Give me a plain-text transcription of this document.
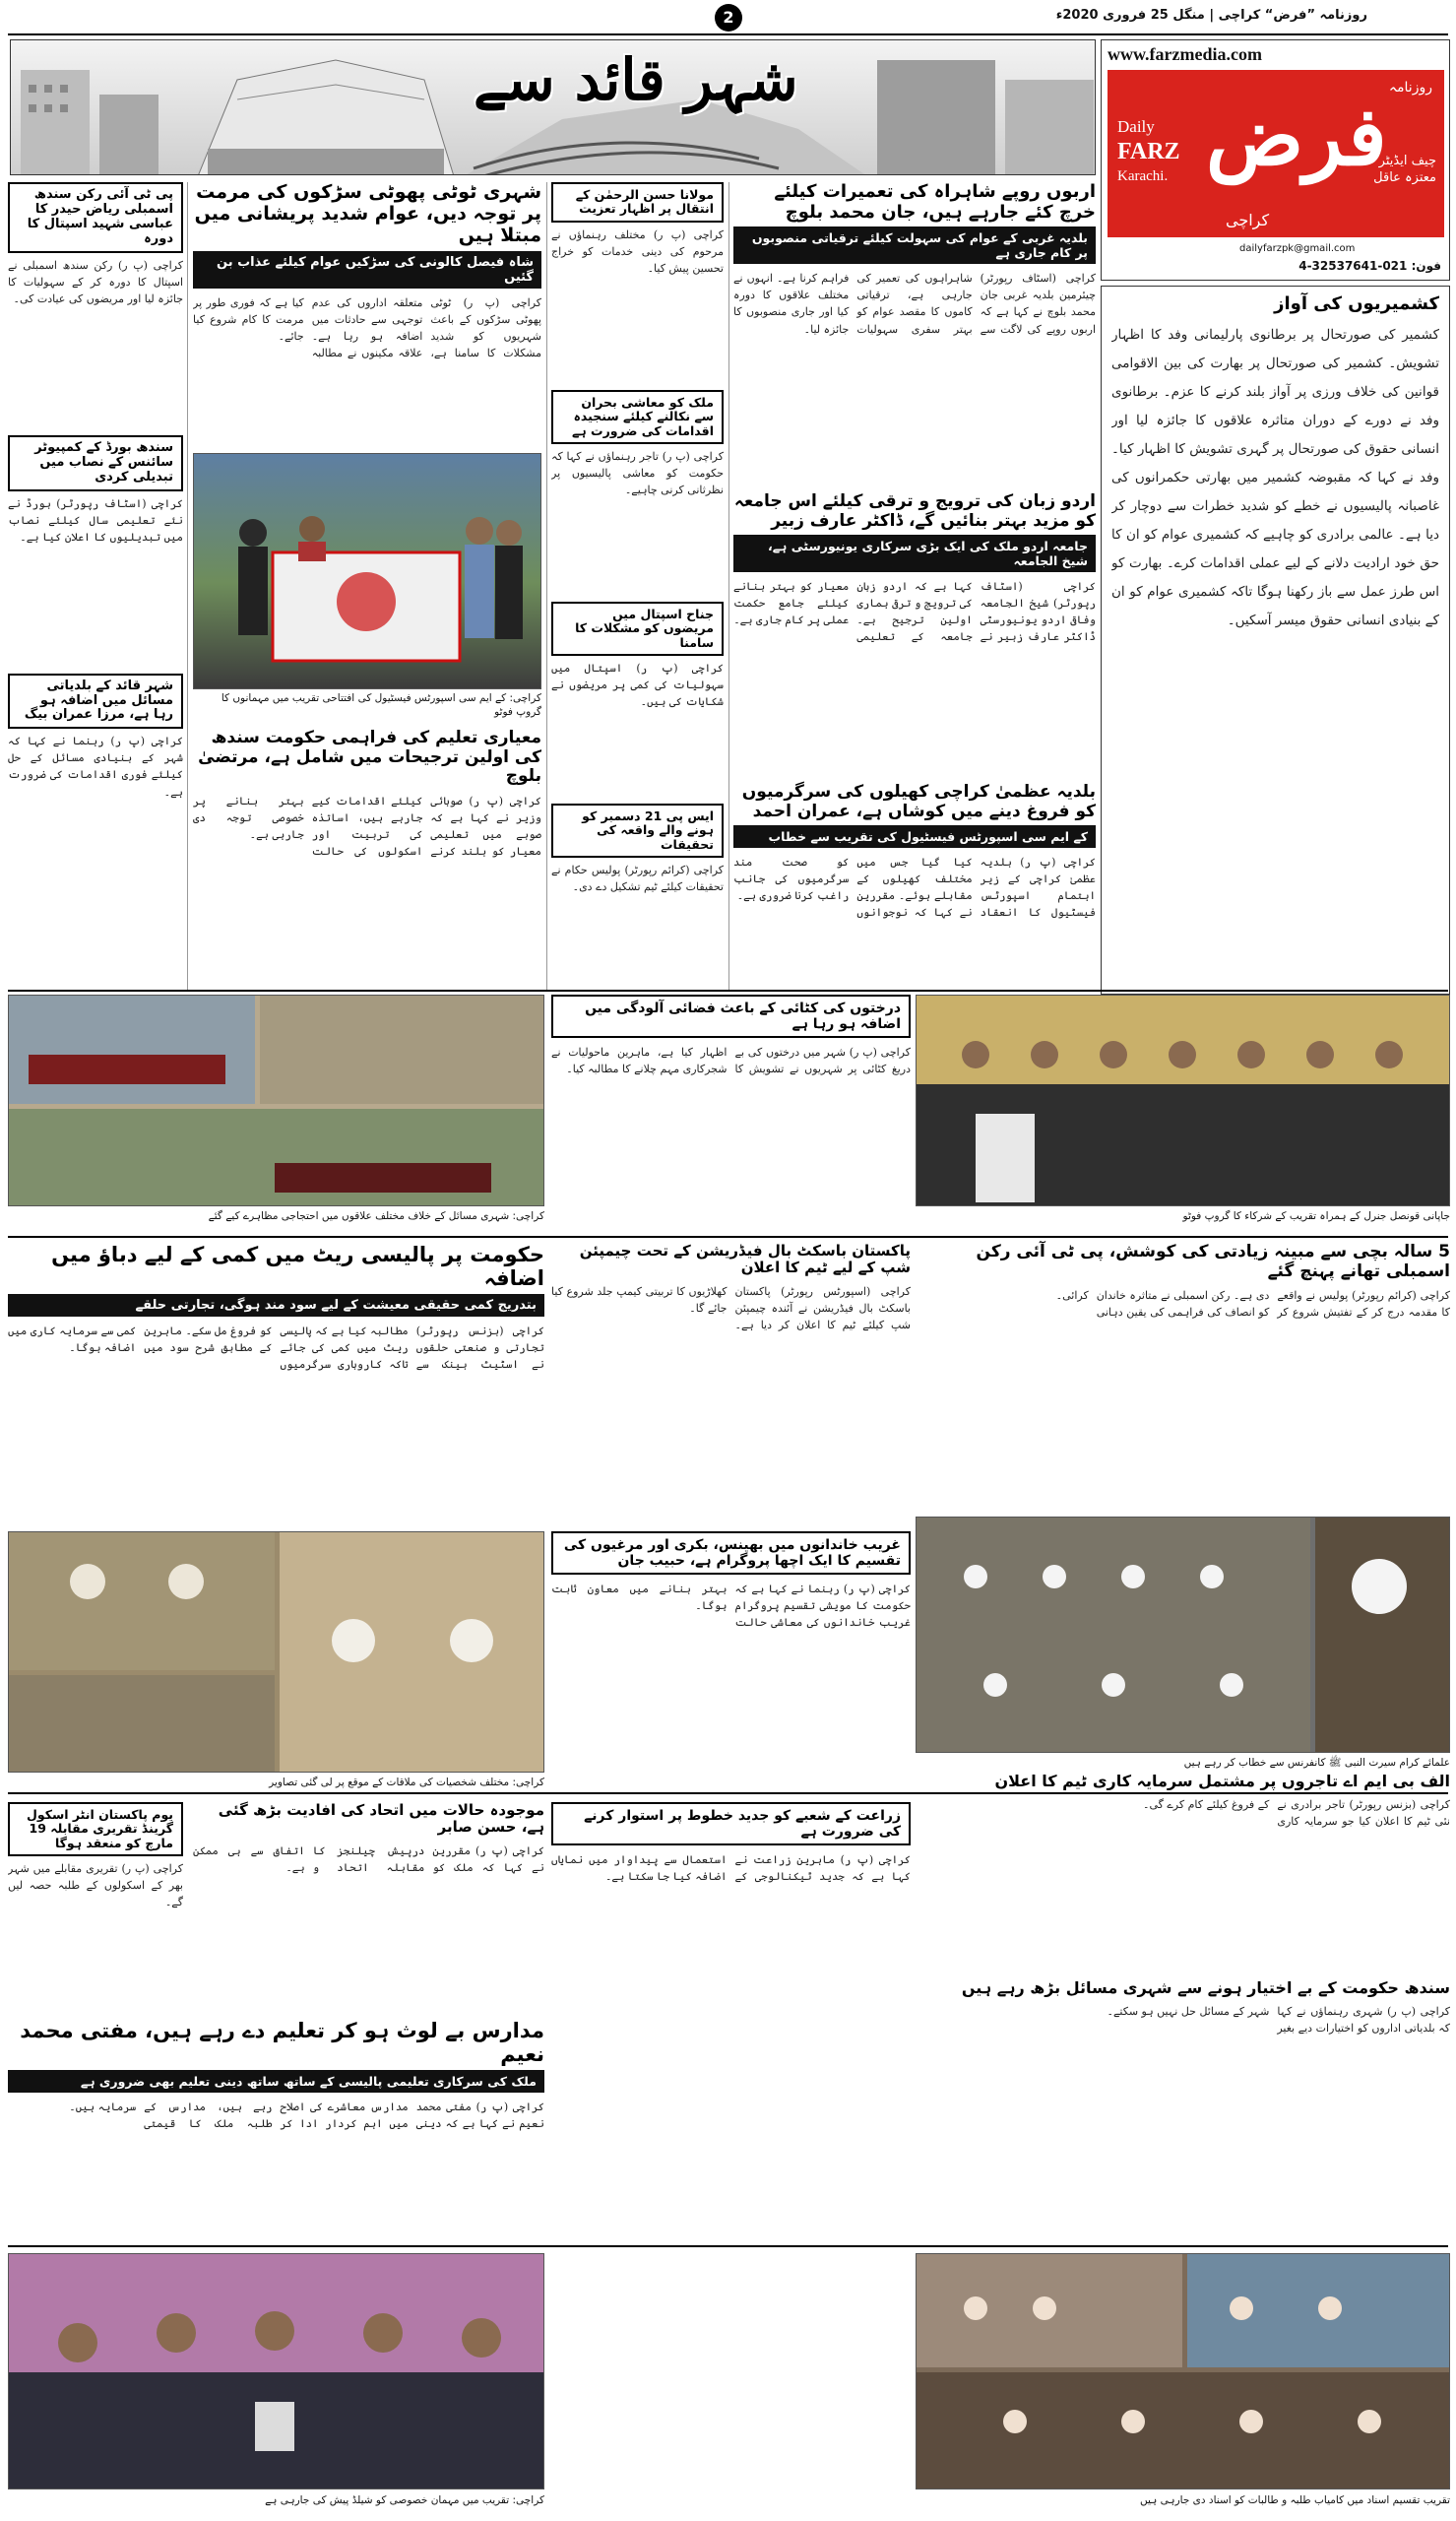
روزنامہ ”فرض“ کراچی | منگل 25 فروری 2020ء
2
شہر قائد سے	www.farzmedia.com
روزنامہ
فرض
کراچی
Daily
FARZ
Karachi.
چیف ایڈیٹر معتزہ عاقل
dailyfarzpk@gmail.com
فون: 021-32537641-4
کشمیریوں کی آواز
کشمیر کی صورتحال پر برطانوی پارلیمانی وفد کا اظہار تشویش۔ کشمیر کی صورتحال پر بھارت کی بین الاقوامی قوانین کی خلاف ورزی پر آواز بلند کرنے کا عزم۔ برطانوی وفد نے دورے کے دوران متاثرہ علاقوں کا جائزہ لیا اور انسانی حقوق کی صورتحال پر گہری تشویش کا اظہار کیا۔ وفد نے کہا کہ مقبوضہ کشمیر میں بھارتی حکمرانوں کی غاصبانہ پالیسیوں نے خطے کو شدید خطرات سے دوچار کر دیا ہے۔ عالمی برادری کو چاہیے کہ کشمیری عوام کو ان کا حق خود ارادیت دلانے کے لیے عملی اقدامات کرے۔ بھارت کو اس طرز عمل سے باز رکھنا ہوگا تاکہ کشمیری عوام کو ان کے بنیادی انسانی حقوق میسر آسکیں۔
پی ٹی آئی رکن سندھ اسمبلی ریاض حیدر کا عباسی شہید اسپتال کا دورہ
کراچی (پ ر) رکن سندھ اسمبلی نے اسپتال کا دورہ کر کے سہولیات کا جائزہ لیا اور مریضوں کی عیادت کی۔
سندھ بورڈ کے کمپیوٹر سائنس کے نصاب میں تبدیلی کردی
کراچی (اسٹاف رپورٹر) بورڈ نے نئے تعلیمی سال کیلئے نصاب میں تبدیلیوں کا اعلان کیا ہے۔
شہر قائد کے بلدیاتی مسائل میں اضافہ ہو رہا ہے، مرزا عمران بیگ
کراچی (پ ر) رہنما نے کہا کہ شہر کے بنیادی مسائل کے حل کیلئے فوری اقدامات کی ضرورت ہے۔
شہری ٹوٹی پھوٹی سڑکوں کی مرمت پر توجہ دیں، عوام شدید پریشانی میں مبتلا ہیں
شاہ فیصل کالونی کی سڑکیں عوام کیلئے عذاب بن گئیں
کراچی (پ ر) ٹوٹی پھوٹی سڑکوں کے باعث شہریوں کو شدید مشکلات کا سامنا ہے، متعلقہ اداروں کی عدم توجہی سے حادثات میں اضافہ ہو رہا ہے۔ علاقہ مکینوں نے مطالبہ کیا ہے کہ فوری طور پر مرمت کا کام شروع کیا جائے۔
کراچی: کے ایم سی اسپورٹس فیسٹیول کی افتتاحی تقریب میں مہمانوں کا گروپ فوٹو
معیاری تعلیم کی فراہمی حکومت سندھ کی اولین ترجیحات میں شامل ہے، مرتضیٰ بلوچ
کراچی (پ ر) صوبائی وزیر نے کہا ہے کہ صوبے میں تعلیمی معیار کو بلند کرنے کیلئے اقدامات کیے جارہے ہیں، اساتذہ کی تربیت اور اسکولوں کی حالت بہتر بنانے پر خصوصی توجہ دی جارہی ہے۔
مولانا حسن الرحمٰن کے انتقال پر اظہار تعزیت
کراچی (پ ر) مختلف رہنماؤں نے مرحوم کی دینی خدمات کو خراج تحسین پیش کیا۔
ملک کو معاشی بحران سے نکالنے کیلئے سنجیدہ اقدامات کی ضرورت ہے
کراچی (پ ر) تاجر رہنماؤں نے کہا کہ حکومت کو معاشی پالیسیوں پر نظرثانی کرنی چاہیے۔
جناح اسپتال میں مریضوں کو مشکلات کا سامنا
کراچی (پ ر) اسپتال میں سہولیات کی کمی پر مریضوں نے شکایات کی ہیں۔
ایس پی 21 دسمبر کو ہونے والے واقعہ کی تحقیقات
کراچی (کرائم رپورٹر) پولیس حکام نے تحقیقات کیلئے ٹیم تشکیل دے دی۔
اربوں روپے شاہراہ کی تعمیرات کیلئے خرچ کئے جارہے ہیں، جان محمد بلوچ
بلدیہ غربی کے عوام کی سہولت کیلئے ترقیاتی منصوبوں پر کام جاری ہے
کراچی (اسٹاف رپورٹر) چیئرمین بلدیہ غربی جان محمد بلوچ نے کہا ہے کہ اربوں روپے کی لاگت سے شاہراہوں کی تعمیر کی جارہی ہے، ترقیاتی کاموں کا مقصد عوام کو بہتر سفری سہولیات فراہم کرنا ہے۔ انہوں نے مختلف علاقوں کا دورہ کیا اور جاری منصوبوں کا جائزہ لیا۔
اردو زبان کی ترویج و ترقی کیلئے اس جامعہ کو مزید بہتر بنائیں گے، ڈاکٹر عارف زبیر
جامعہ اردو ملک کی ایک بڑی سرکاری یونیورسٹی ہے، شیخ الجامعہ
کراچی (اسٹاف رپورٹر) شیخ الجامعہ وفاقی اردو یونیورسٹی ڈاکٹر عارف زبیر نے کہا ہے کہ اردو زبان کی ترویج و ترقی ہماری اولین ترجیح ہے۔ جامعہ کے تعلیمی معیار کو بہتر بنانے کیلئے جامع حکمت عملی پر کام جاری ہے۔
بلدیہ عظمیٰ کراچی کھیلوں کی سرگرمیوں کو فروغ دینے میں کوشاں ہے، عمران احمد
کے ایم سی اسپورٹس فیسٹیول کی تقریب سے خطاب
کراچی (پ ر) بلدیہ عظمیٰ کراچی کے زیر اہتمام اسپورٹس فیسٹیول کا انعقاد کیا گیا جس میں مختلف کھیلوں کے مقابلے ہوئے۔ مقررین نے کہا کہ نوجوانوں کو صحت مند سرگرمیوں کی جانب راغب کرنا ضروری ہے۔
کراچی: شہری مسائل کے خلاف مختلف علاقوں میں احتجاجی مظاہرے کیے گئے
درختوں کی کٹائی کے باعث فضائی آلودگی میں اضافہ ہو رہا ہے
کراچی (پ ر) شہر میں درختوں کی بے دریغ کٹائی پر شہریوں نے تشویش کا اظہار کیا ہے، ماہرین ماحولیات نے شجرکاری مہم چلانے کا مطالبہ کیا۔
جاپانی قونصل جنرل کے ہمراہ تقریب کے شرکاء کا گروپ فوٹو
حکومت پر پالیسی ریٹ میں کمی کے لیے دباؤ میں اضافہ
بتدریج کمی حقیقی معیشت کے لیے سود مند ہوگی، تجارتی حلقے
کراچی (بزنس رپورٹر) تجارتی و صنعتی حلقوں نے اسٹیٹ بینک سے مطالبہ کیا ہے کہ پالیسی ریٹ میں کمی کی جائے تاکہ کاروباری سرگرمیوں کو فروغ مل سکے۔ ماہرین کے مطابق شرح سود میں کمی سے سرمایہ کاری میں اضافہ ہوگا۔
پاکستان باسکٹ بال فیڈریشن کے تحت چیمپئن شپ کے لیے ٹیم کا اعلان
کراچی (اسپورٹس رپورٹر) پاکستان باسکٹ بال فیڈریشن نے آئندہ چیمپئن شپ کیلئے ٹیم کا اعلان کر دیا ہے۔ کھلاڑیوں کا تربیتی کیمپ جلد شروع کیا جائے گا۔
5 سالہ بچی سے مبینہ زیادتی کی کوشش، پی ٹی آئی رکن اسمبلی تھانے پہنچ گئے
کراچی (کرائم رپورٹر) پولیس نے واقعے کا مقدمہ درج کر کے تفتیش شروع کر دی ہے۔ رکن اسمبلی نے متاثرہ خاندان کو انصاف کی فراہمی کی یقین دہانی کرائی۔
کراچی: مختلف شخصیات کی ملاقات کے موقع پر لی گئی تصاویر
غریب خاندانوں میں بھینس، بکری اور مرغیوں کی تقسیم کا ایک اچھا پروگرام ہے، حبیب جان
کراچی (پ ر) رہنما نے کہا ہے کہ حکومت کا مویشی تقسیم پروگرام غریب خاندانوں کی معاشی حالت بہتر بنانے میں معاون ثابت ہوگا۔
علمائے کرام سیرت النبی ﷺ کانفرنس سے خطاب کر رہے ہیں
یوم پاکستان انٹر اسکول گرینڈ تقریری مقابلہ 19 مارچ کو منعقد ہوگا
کراچی (پ ر) تقریری مقابلے میں شہر بھر کے اسکولوں کے طلبہ حصہ لیں گے۔
موجودہ حالات میں اتحاد کی افادیت بڑھ گئی ہے، حسن صابر
کراچی (پ ر) مقررین نے کہا کہ ملک کو درپیش چیلنجز کا مقابلہ اتحاد و اتفاق سے ہی ممکن ہے۔
مدارس بے لوث ہو کر تعلیم دے رہے ہیں، مفتی محمد نعیم
ملک کی سرکاری تعلیمی پالیسی کے ساتھ ساتھ دینی تعلیم بھی ضروری ہے
کراچی (پ ر) مفتی محمد نعیم نے کہا ہے کہ دینی مدارس معاشرے کی اصلاح میں اہم کردار ادا کر رہے ہیں، مدارس کے طلبہ ملک کا قیمتی سرمایہ ہیں۔
زراعت کے شعبے کو جدید خطوط پر استوار کرنے کی ضرورت ہے
کراچی (پ ر) ماہرین زراعت نے کہا ہے کہ جدید ٹیکنالوجی کے استعمال سے پیداوار میں نمایاں اضافہ کیا جا سکتا ہے۔
الف بی ایم اے تاجروں پر مشتمل سرمایہ کاری ٹیم کا اعلان
کراچی (بزنس رپورٹر) تاجر برادری نے نئی ٹیم کا اعلان کیا جو سرمایہ کاری کے فروغ کیلئے کام کرے گی۔
سندھ حکومت کے بے اختیار ہونے سے شہری مسائل بڑھ رہے ہیں
کراچی (پ ر) شہری رہنماؤں نے کہا کہ بلدیاتی اداروں کو اختیارات دیے بغیر شہر کے مسائل حل نہیں ہو سکتے۔
کراچی: تقریب میں مہمان خصوصی کو شیلڈ پیش کی جارہی ہے	تقریب تقسیم اسناد میں کامیاب طلبہ و طالبات کو اسناد دی جارہی ہیں
